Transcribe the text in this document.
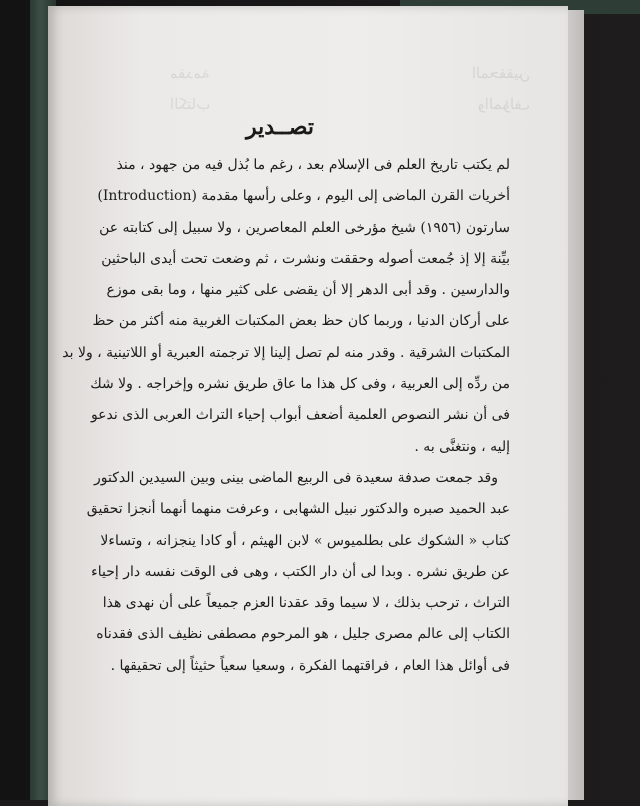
مقدمة المحققين
الكتاب والمؤلف
تصــدير
لم يكتب تاريخ العلم فى الإسلام بعد ، رغم ما بُذل فيه من جهود ، منذ
أخريات القرن الماضى إلى اليوم ، وعلى رأسها مقدمة (Introduction)
سارتون (١٩٥٦) شيخ مؤرخى العلم المعاصرين ، ولا سبيل إلى كتابته عن
بيِّنة إلا إذ جُمعت أصوله وحققت ونشرت ، ثم وضعت تحت أيدى الباحثين
والدارسين . وقد أبى الدهر إلا أن يقضى على كثير منها ، وما بقى موزع
على أركان الدنيا ، وربما كان حظ بعض المكتبات الغربية منه أكثر من حظ
المكتبات الشرقية . وقدر منه لم تصل إلينا إلا ترجمته العبرية أو اللاتينية ، ولا بد
من ردِّه إلى العربية ، وفى كل هذا ما عاق طريق نشره وإخراجه . ولا شك
فى أن نشر النصوص العلمية أضعف أبواب إحياء التراث العربى الذى ندعو
إليه ، ونتغنَّى به .
وقد جمعت صدفة سعيدة فى الربيع الماضى بينى وبين السيدين الدكتور
عبد الحميد صبره والدكتور نبيل الشهابى ، وعرفت منهما أنهما أنجزا تحقيق
كتاب « الشكوك على بطلميوس » لابن الهيثم ، أو كادا ينجزانه ، وتساءلا
عن طريق نشره . وبدا لى أن دار الكتب ، وهى فى الوقت نفسه دار إحياء
التراث ، ترحب بذلك ، لا سيما وقد عقدنا العزم جميعاً على أن نهدى هذا
الكتاب إلى عالم مصرى جليل ، هو المرحوم مصطفى نظيف الذى فقدناه
فى أوائل هذا العام ، فراقتهما الفكرة ، وسعيا سعياً حثيثاً إلى تحقيقها .
